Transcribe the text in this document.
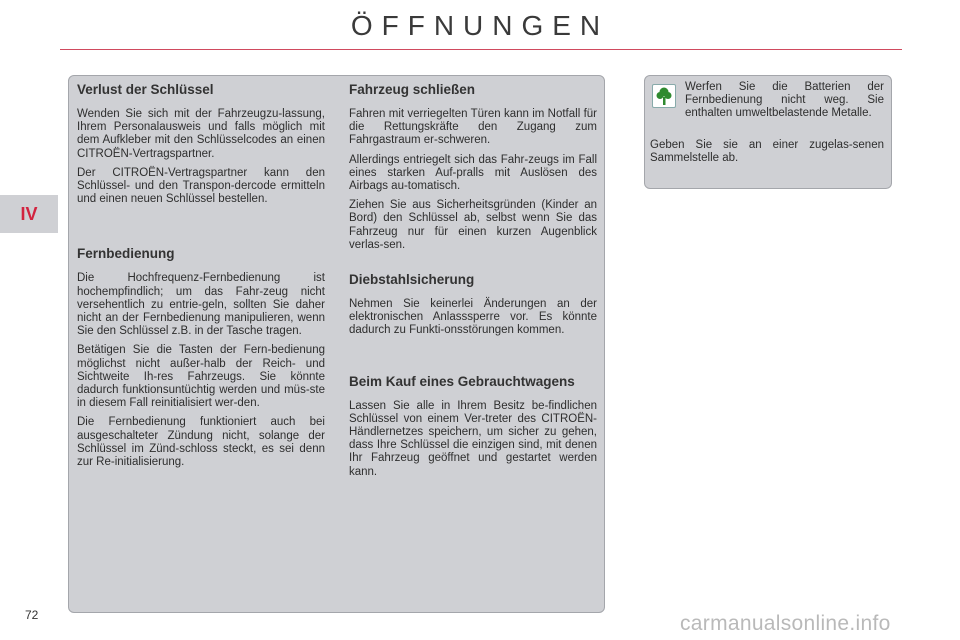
ÖFFNUNGEN
IV
Verlust der Schlüssel

Wenden Sie sich mit der Fahrzeugzu-lassung, Ihrem Personalausweis und falls möglich mit dem Aufkleber mit den Schlüsselcodes an einen CITROËN-Vertragspartner.

Der CITROËN-Vertragspartner kann den Schlüssel- und den Transpon-dercode ermitteln und einen neuen Schlüssel bestellen.

Fernbedienung

Die Hochfrequenz-Fernbedienung ist hochempfindlich; um das Fahr-zeug nicht versehentlich zu entrie-geln, sollten Sie daher nicht an der Fernbedienung manipulieren, wenn Sie den Schlüssel z.B. in der Tasche tragen.

Betätigen Sie die Tasten der Fern-bedienung möglichst nicht außer-halb der Reich- und Sichtweite Ih-res Fahrzeugs. Sie könnte dadurch funktionsuntüchtig werden und müs-ste in diesem Fall reinitialisiert wer-den.

Die Fernbedienung funktioniert auch bei ausgeschalteter Zündung nicht, solange der Schlüssel im Zünd-schloss steckt, es sei denn zur Re-initialisierung.

Fahrzeug schließen

Fahren mit verriegelten Türen kann im Notfall für die Rettungskräfte den Zugang zum Fahrgastraum er-schweren.

Allerdings entriegelt sich das Fahr-zeugs im Fall eines starken Auf-pralls mit Auslösen des Airbags au-tomatisch.

Ziehen Sie aus Sicherheitsgründen (Kinder an Bord) den Schlüssel ab, selbst wenn Sie das Fahrzeug nur für einen kurzen Augenblick verlas-sen.

Diebstahlsicherung

Nehmen Sie keinerlei Änderungen an der elektronischen Anlasssperre vor. Es könnte dadurch zu Funkti-onsstörungen kommen.

Beim Kauf eines Gebrauchtwagens

Lassen Sie alle in Ihrem Besitz be-findlichen Schlüssel von einem Ver-treter des CITROËN-Händlernetzes speichern, um sicher zu gehen, dass Ihre Schlüssel die einzigen sind, mit denen Ihr Fahrzeug geöffnet und gestartet werden kann.

Werfen Sie die Batterien der Fernbedienung nicht weg. Sie enthalten umweltbelastende Metalle.

Geben Sie sie an einer zugelas-senen Sammelstelle ab.

72	carmanualsonline.info
